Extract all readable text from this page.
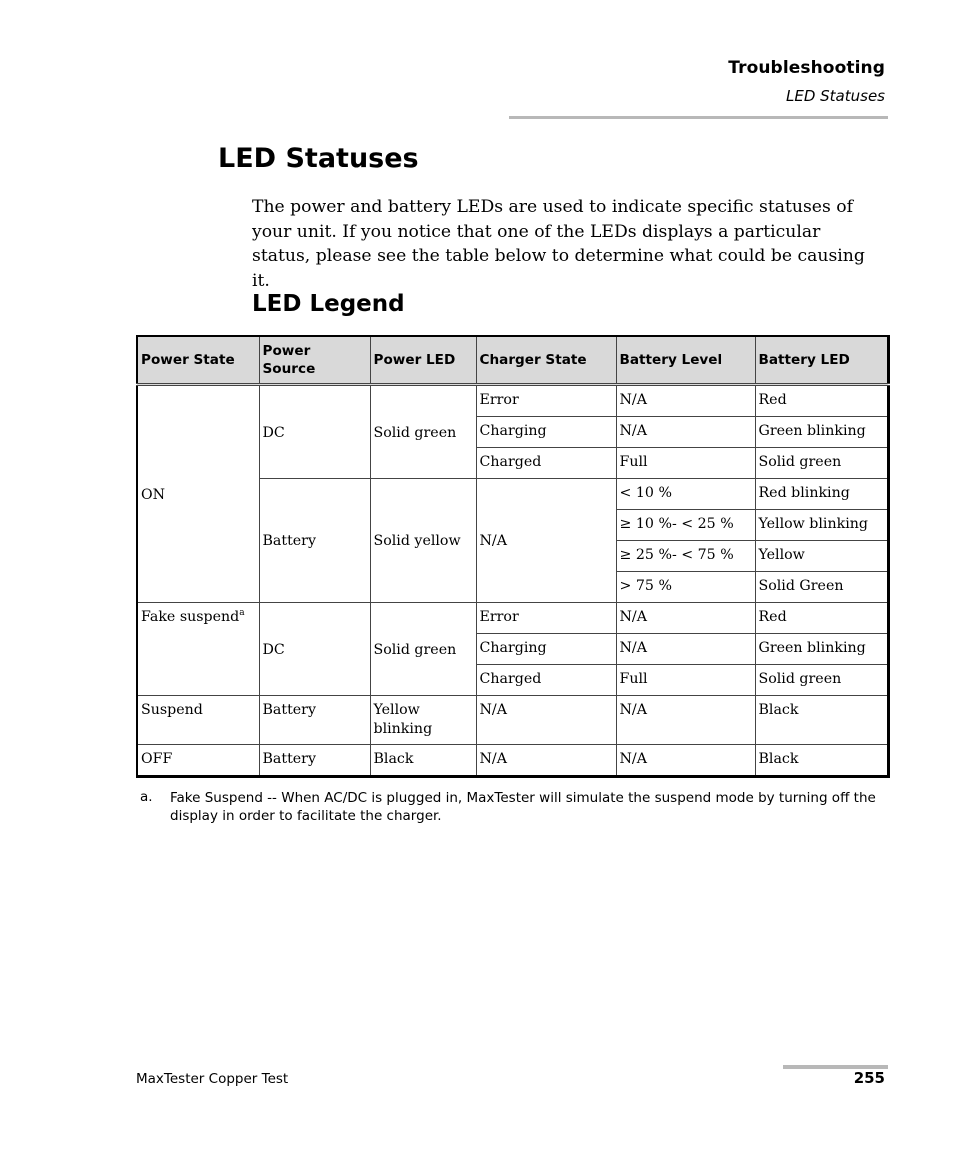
Troubleshooting
LED Statuses
LED Statuses
The power and battery LEDs are used to indicate specific statuses of your unit. If you notice that one of the LEDs displays a particular status, please see the table below to determine what could be causing it.
LED Legend
Power State	Power Source	Power LED	Charger State	Battery Level	Battery LED
ON	DC	Solid green	Error	N/A	Red
			Charging	N/A	Green blinking
			Charged	Full	Solid green
	Battery	Solid yellow	N/A	< 10 %	Red blinking
				≥ 10 %- < 25 %	Yellow blinking
				≥ 25 %- < 75 %	Yellow
				> 75 %	Solid Green
Fake suspend$^a$	DC	Solid green	Error	N/A	Red
			Charging	N/A	Green blinking
			Charged	Full	Solid green
Suspend	Battery	Yellow blinking	N/A	N/A	Black
OFF	Battery	Black	N/A	N/A	Black
a. Fake Suspend -- When AC/DC is plugged in, MaxTester will simulate the suspend mode by turning off the display in order to facilitate the charger.
MaxTester Copper Test	255
